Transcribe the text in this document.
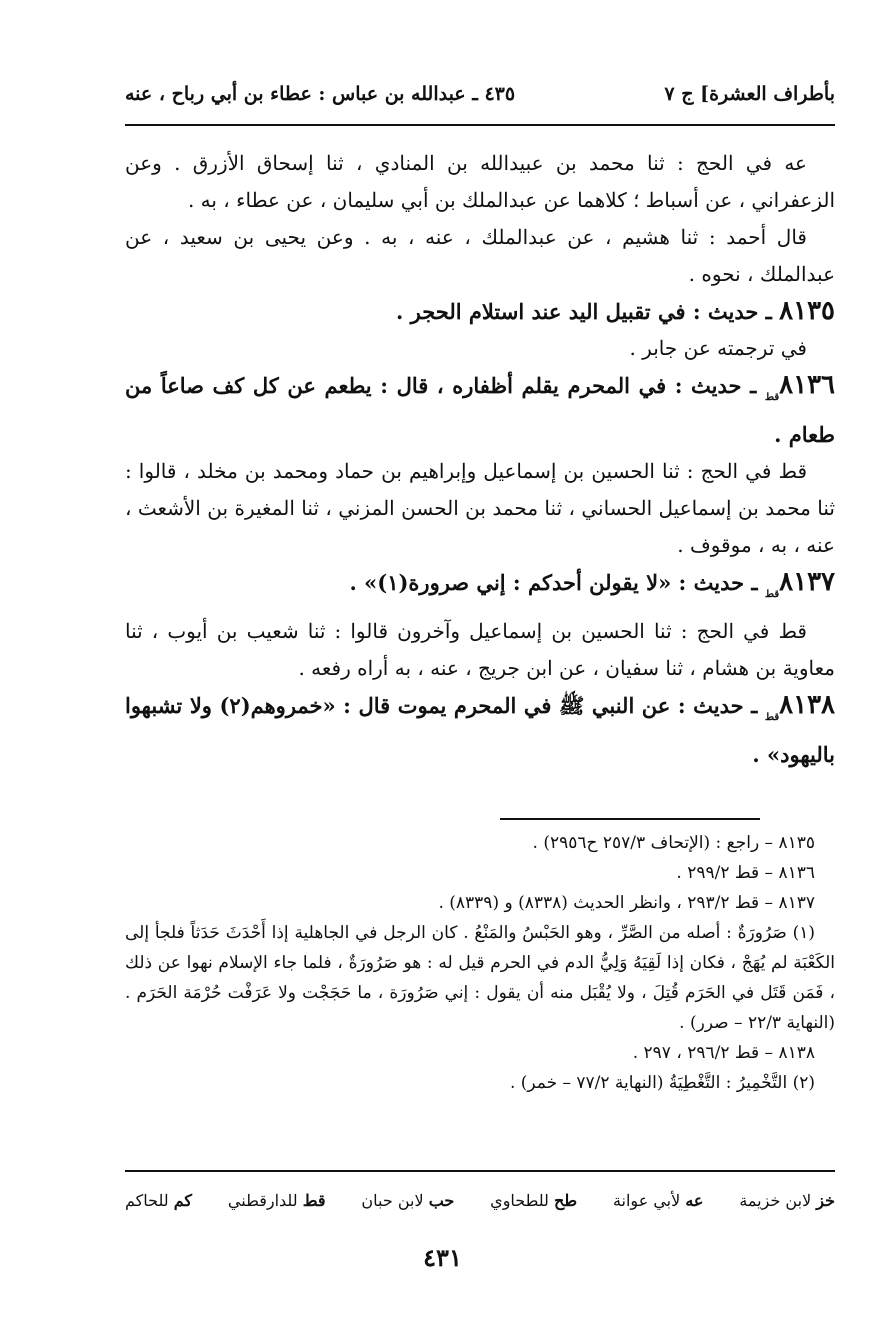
بأطراف العشرة] ج ٧
٤٣٥ ـ عبدالله بن عباس : عطاء بن أبي رباح ، عنه

عه في الحج : ثنا محمد بن عبيدالله بن المنادي ، ثنا إسحاق الأزرق . وعن الزعفراني ، عن أسباط ؛ كلاهما عن عبدالملك بن أبي سليمان ، عن عطاء ، به .

قال أحمد : ثنا هشيم ، عن عبدالملك ، عنه ، به . وعن يحيى بن سعيد ، عن عبدالملك ، نحوه .

٨١٣٥ ـ حديث : في تقبيل اليد عند استلام الحجر .

في ترجمته عن جابر .

$٨١٣٦_{قط}$ ـ حديث : في المحرم يقلم أظفاره ، قال : يطعم عن كل كف صاعاً من طعام .

قط في الحج : ثنا الحسين بن إسماعيل وإبراهيم بن حماد ومحمد بن مخلد ، قالوا : ثنا محمد بن إسماعيل الحساني ، ثنا محمد بن الحسن المزني ، ثنا المغيرة بن الأشعث ، عنه ، به ، موقوف .

$٨١٣٧_{قط}$ ـ حديث : «لا يقولن أحدكم : إني صرورة(١)» .

قط في الحج : ثنا الحسين بن إسماعيل وآخرون قالوا : ثنا شعيب بن أيوب ، ثنا معاوية بن هشام ، ثنا سفيان ، عن ابن جريج ، عنه ، به أراه رفعه .

$٨١٣٨_{قط}$ ـ حديث : عن النبي ﷺ في المحرم يموت قال : «خمروهم(٢) ولا تشبهوا باليهود» .

٨١٣٥ – راجع : (الإتحاف ٢٥٧/٣ ح٢٩٥٦) .

٨١٣٦ – قط ٢٩٩/٢ .

٨١٣٧ – قط ٢٩٣/٢ ، وانظر الحديث (٨٣٣٨) و (٨٣٣٩) .

(١) صَرُورَةٌ : أصله من الصَّرِّ ، وهو الحَبْسُ والمَنْعُ . كان الرجل في الجاهلية إذا أَحْدَثَ حَدَثاً فلجأ إلى الكَعْبَة لم يُهَجْ ، فكان إذا لَقِيَهُ وَلِيُّ الدم في الحرم قيل له : هو صَرُورَةٌ ، فلما جاء الإسلام نهوا عن ذلك ، فَمَن قَتَل في الحَرَم قُتِلَ ، ولا يُقْبَل منه أن يقول : إني صَرُورَة ، ما حَجَجْت ولا عَرَفْت حُرْمَة الحَرَم . (النهاية ٢٢/٣ – صرر) .

٨١٣٨ – قط ٢٩٦/٢ ، ٢٩٧ .

(٢) التَّخْمِيرُ : التَّغْطِيَةُ (النهاية ٧٧/٢ – خمر) .

خز لابن خزيمة
عه لأبي عوانة
طح للطحاوي
حب لابن حبان
قط للدارقطني
كم للحاكم
٤٣١
